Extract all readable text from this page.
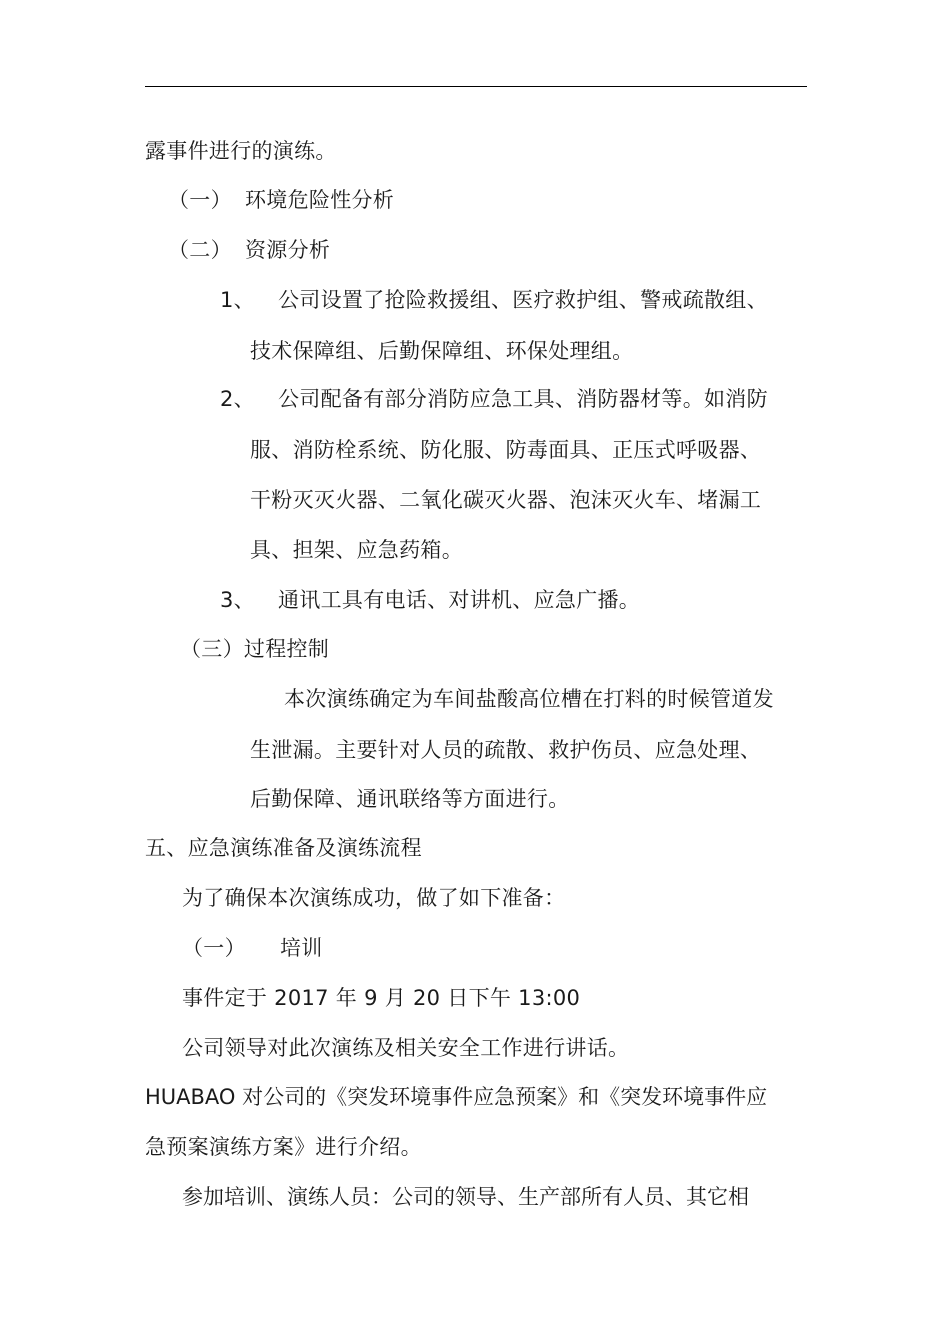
露事件进行的演练。

（一） 环境危险性分析
（二） 资源分析
1、 公司设置了抢险救援组、医疗救护组、警戒疏散组、

技术保障组、后勤保障组、环保处理组。

2、 公司配备有部分消防应急工具、消防器材等。如消防

服、消防栓系统、防化服、防毒面具、正压式呼吸器、

干粉灭灭火器、二氧化碳灭火器、泡沫灭火车、堵漏工

具、担架、应急药箱。

3、 通讯工具有电话、对讲机、应急广播。

（三）过程控制

本次演练确定为车间盐酸高位槽在打料的时候管道发

生泄漏。主要针对人员的疏散、救护伤员、应急处理、

后勤保障、通讯联络等方面进行。

五、应急演练准备及演练流程

为了确保本次演练成功，做了如下准备：

（一） 培训

事件定于 2017 年 9 月 20 日下午 13:00

公司领导对此次演练及相关安全工作进行讲话。

HUABAO 对公司的《突发环境事件应急预案》和《突发环境事件应

急预案演练方案》进行介绍。

参加培训、演练人员：公司的领导、生产部所有人员、其它相
